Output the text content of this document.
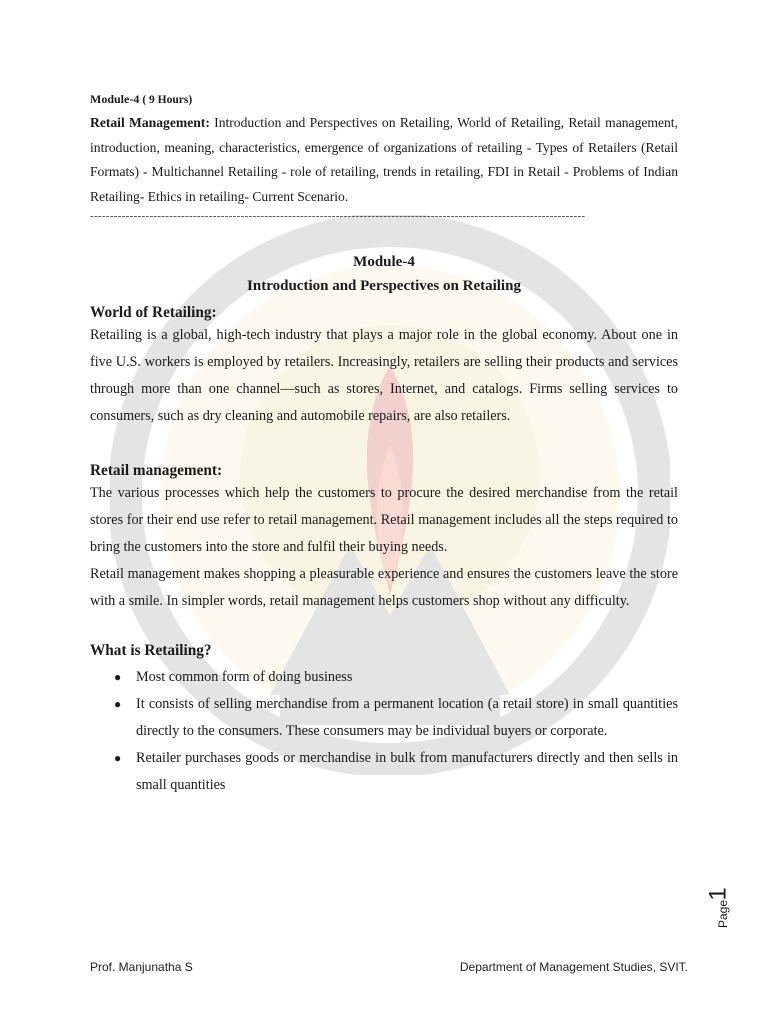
Module-4 ( 9 Hours)

Retail Management: Introduction and Perspectives on Retailing, World of Retailing, Retail management, introduction, meaning, characteristics, emergence of organizations of retailing - Types of Retailers (Retail Formats) - Multichannel Retailing - role of retailing, trends in retailing, FDI in Retail - Problems of Indian Retailing- Ethics in retailing- Current Scenario.

-----------------------------------------------------------------------------------------------------------------------------

Module-4

Introduction and Perspectives on Retailing

World of Retailing:

Retailing is a global, high-tech industry that plays a major role in the global economy. About one in five U.S. workers is employed by retailers. Increasingly, retailers are selling their products and services through more than one channel—such as stores, Internet, and catalogs. Firms selling services to consumers, such as dry cleaning and automobile repairs, are also retailers.

Retail management:

The various processes which help the customers to procure the desired merchandise from the retail stores for their end use refer to retail management. Retail management includes all the steps required to bring the customers into the store and fulfil their buying needs.

Retail management makes shopping a pleasurable experience and ensures the customers leave the store with a smile. In simpler words, retail management helps customers shop without any difficulty.

What is Retailing?
● Most common form of doing business
● It consists of selling merchandise from a permanent location (a retail store) in small quantities directly to the consumers. These consumers may be individual buyers or corporate.
● Retailer purchases goods or merchandise in bulk from manufacturers directly and then sells in small quantities
1
Page
Prof. Manjunatha S	Department of Management Studies, SVIT.
